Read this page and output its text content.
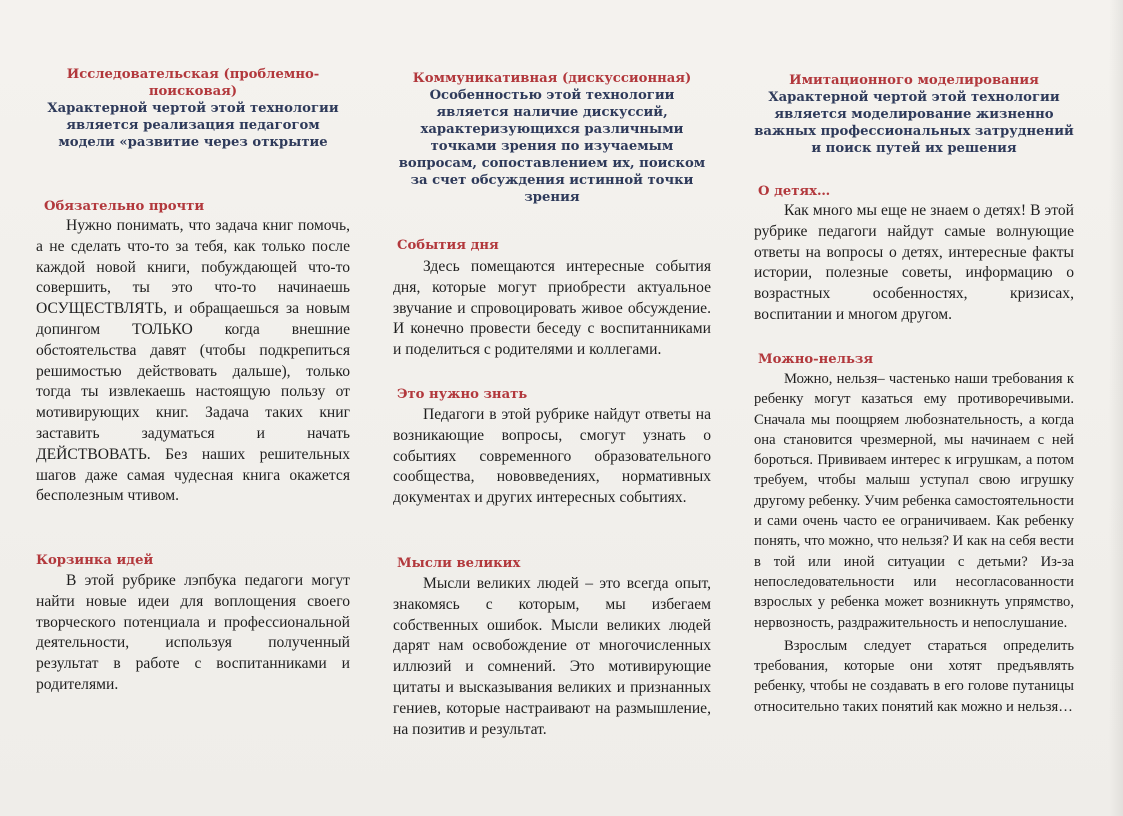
Исследовательская (проблемно-поисковая)
Характерной чертой этой технологии является реализация педагогом модели «развитие через открытие
Обязательно прочти
Нужно понимать, что задача книг помочь, а не сделать что-то за тебя, как только после каждой новой книги, побуждающей что-то совершить, ты это что-то начинаешь ОСУЩЕСТВЛЯТЬ, и обращаешься за новым допингом ТОЛЬКО когда внешние обстоятельства давят (чтобы подкрепиться решимостью действовать дальше), только тогда ты извлекаешь настоящую пользу от мотивирующих книг. Задача таких книг заставить задуматься и начать ДЕЙСТВОВАТЬ. Без наших решительных шагов даже самая чудесная книга окажется бесполезным чтивом.
Корзинка идей
В этой рубрике лэпбука педагоги могут найти новые идеи для воплощения своего творческого потенциала и профессиональной деятельности, используя полученный результат в работе с воспитанниками и родителями.
Коммуникативная (дискуссионная)
Особенностью этой технологии является наличие дискуссий, характеризующихся различными точками зрения по изучаемым вопросам, сопоставлением их, поиском за счет обсуждения истинной точки зрения
События дня
Здесь помещаются интересные события дня, которые могут приобрести актуальное звучание и спровоцировать живое обсуждение. И конечно провести беседу с воспитанниками и поделиться с родителями и коллегами.
Это нужно знать
Педагоги в этой рубрике найдут ответы на возникающие вопросы, смогут узнать о событиях современного образовательного сообщества, нововведениях, нормативных документах и других интересных событиях.
Мысли великих
Мысли великих людей – это всегда опыт, знакомясь с которым, мы избегаем собственных ошибок. Мысли великих людей дарят нам освобождение от многочисленных иллюзий и сомнений. Это мотивирующие цитаты и высказывания великих и признанных гениев, которые настраивают на размышление, на позитив и результат.
Имитационного моделирования
Характерной чертой этой технологии является моделирование жизненно важных профессиональных затруднений и поиск путей их решения
О детях…
Как много мы еще не знаем о детях! В этой рубрике педагоги найдут самые волнующие ответы на вопросы о детях, интересные факты истории, полезные советы, информацию о возрастных особенностях, кризисах, воспитании и многом другом.
Можно-нельзя
Можно, нельзя– частенько наши требования к ребенку могут казаться ему противоречивыми. Сначала мы поощряем любознательность, а когда она становится чрезмерной, мы начинаем с ней бороться. Прививаем интерес к игрушкам, а потом требуем, чтобы малыш уступал свою игрушку другому ребенку. Учим ребенка самостоятельности и сами очень часто ее ограничиваем. Как ребенку понять, что можно, что нельзя? И как на себя вести в той или иной ситуации с детьми? Из-за непоследовательности или несогласованности взрослых у ребенка может возникнуть упрямство, нервозность, раздражительность и непослушание.
Взрослым следует стараться определить требования, которые они хотят предъявлять ребенку, чтобы не создавать в его голове путаницы относительно таких понятий как можно и нельзя…
